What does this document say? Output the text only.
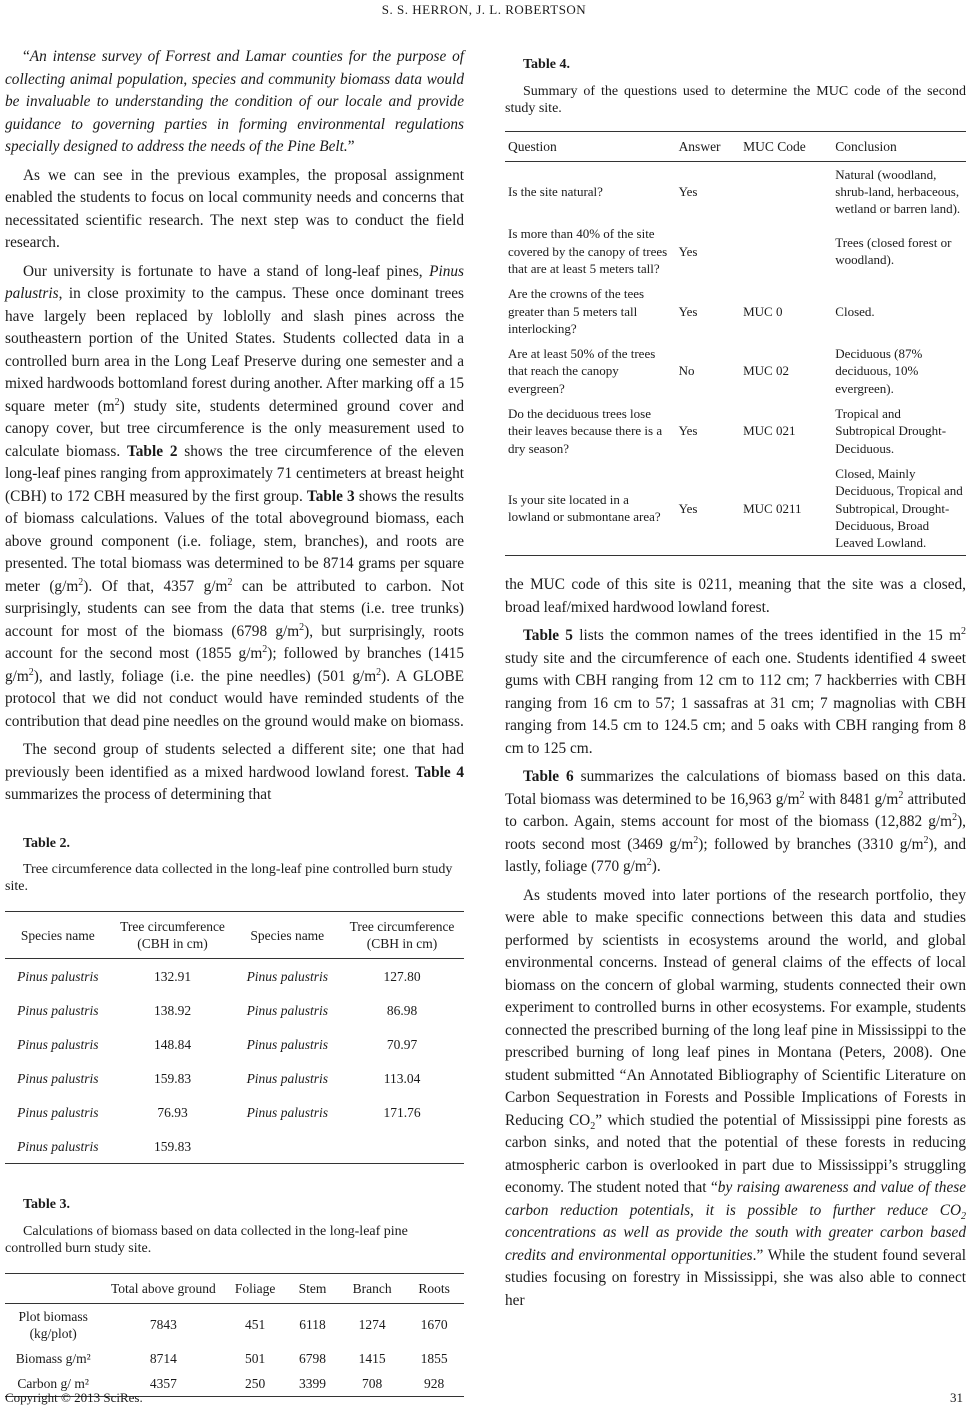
S. S. HERRON, J. L. ROBERTSON

“An intense survey of Forrest and Lamar counties for the purpose of collecting animal population, species and community biomass data would be invaluable to understanding the condition of our locale and provide guidance to governing parties in forming environmental regulations specially designed to address the needs of the Pine Belt.”

As we can see in the previous examples, the proposal assignment enabled the students to focus on local community needs and concerns that necessitated scientific research. The next step was to conduct the field research.

Our university is fortunate to have a stand of long-leaf pines, Pinus palustris, in close proximity to the campus. These once dominant trees have largely been replaced by loblolly and slash pines across the southeastern portion of the United States. Students collected data in a controlled burn area in the Long Leaf Preserve during one semester and a mixed hardwoods bottomland forest during another. After marking off a 15 square meter $(m^2)$ study site, students determined ground cover and canopy cover, but tree circumference is the only measurement used to calculate biomass. Table 2 shows the tree circumference of the eleven long-leaf pines ranging from approximately 71 centimeters at breast height (CBH) to 172 CBH measured by the first group. Table 3 shows the results of biomass calculations. Values of the total aboveground biomass, each above ground component (i.e. foliage, stem, branches), and roots are presented. The total biomass was determined to be 8714 grams per square meter $(g/m^2)$. Of that, 4357 $g/m^2$ can be attributed to carbon. Not surprisingly, students can see from the data that stems (i.e. tree trunks) account for most of the biomass (6798 $g/m^2$), but surprisingly, roots account for the second most (1855 $g/m^2$); followed by branches (1415 $g/m^2$), and lastly, foliage (i.e. the pine needles) (501 $g/m^2$). A GLOBE protocol that we did not conduct would have reminded students of the contribution that dead pine needles on the ground would make on biomass.

The second group of students selected a different site; one that had previously been identified as a mixed hardwood lowland forest. Table 4 summarizes the process of determining that

Table 2.

Tree circumference data collected in the long-leaf pine controlled burn study site.

Species name	Tree circumference (CBH in cm)	Species name	Tree circumference (CBH in cm)
Pinus palustris	132.91	Pinus palustris	127.80
Pinus palustris	138.92	Pinus palustris	86.98
Pinus palustris	148.84	Pinus palustris	70.97
Pinus palustris	159.83	Pinus palustris	113.04
Pinus palustris	76.93	Pinus palustris	171.76
Pinus palustris	159.83		

Table 3.

Calculations of biomass based on data collected in the long-leaf pine controlled burn study site.

	Total above ground	Foliage	Stem	Branch	Roots
Plot biomass (kg/plot)	7843	451	6118	1274	1670
Biomass g/m²	8714	501	6798	1415	1855
Carbon g/ m²	4357	250	3399	708	928

Table 4.

Summary of the questions used to determine the MUC code of the second study site.

Question	Answer	MUC Code	Conclusion
Is the site natural?	Yes		Natural (woodland, shrub-land, herbaceous, wetland or barren land).
Is more than 40% of the site covered by the canopy of trees that are at least 5 meters tall?	Yes		Trees (closed forest or woodland).
Are the crowns of the tees greater than 5 meters tall interlocking?	Yes	MUC 0	Closed.
Are at least 50% of the trees that reach the canopy evergreen?	No	MUC 02	Deciduous (87% deciduous, 10% evergreen).
Do the deciduous trees lose their leaves because there is a dry season?	Yes	MUC 021	Tropical and Subtropical Drought-Deciduous.
Is your site located in a lowland or submontane area?	Yes	MUC 0211	Closed, Mainly Deciduous, Tropical and Subtropical, Drought-Deciduous, Broad Leaved Lowland.

the MUC code of this site is 0211, meaning that the site was a closed, broad leaf/mixed hardwood lowland forest.

Table 5 lists the common names of the trees identified in the 15 $m^2$ study site and the circumference of each one. Students identified 4 sweet gums with CBH ranging from 12 cm to 112 cm; 7 hackberries with CBH ranging from 16 cm to 57; 1 sassafras at 31 cm; 7 magnolias with CBH ranging from 14.5 cm to 124.5 cm; and 5 oaks with CBH ranging from 8 cm to 125 cm.

Table 6 summarizes the calculations of biomass based on this data. Total biomass was determined to be 16,963 $g/m^2$ with 8481 $g/m^2$ attributed to carbon. Again, stems account for most of the biomass (12,882 $g/m^2$), roots second most (3469 $g/m^2$); followed by branches (3310 $g/m^2$), and lastly, foliage (770 $g/m^2$).

As students moved into later portions of the research portfolio, they were able to make specific connections between this data and studies performed by scientists in ecosystems around the world, and global environmental concerns. Instead of general claims of the effects of local biomass on the concern of global warming, students connected their own experiment to controlled burns in other ecosystems. For example, students connected the prescribed burning of the long leaf pine in Mississippi to the prescribed burning of long leaf pines in Montana (Peters, 2008). One student submitted “An Annotated Bibliography of Scientific Literature on Carbon Sequestration in Forests and Possible Implications of Forests in Reducing $CO_2$” which studied the potential of Mississippi pine forests as carbon sinks, and noted that the potential of these forests in reducing atmospheric carbon is overlooked in part due to Mississippi’s struggling economy. The student noted that “by raising awareness and value of these carbon reduction potentials, it is possible to further reduce $CO_2$ concentrations as well as provide the south with greater carbon based credits and environmental opportunities.” While the student found several studies focusing on forestry in Mississippi, she was also able to connect her

Copyright © 2013 SciRes.	31
